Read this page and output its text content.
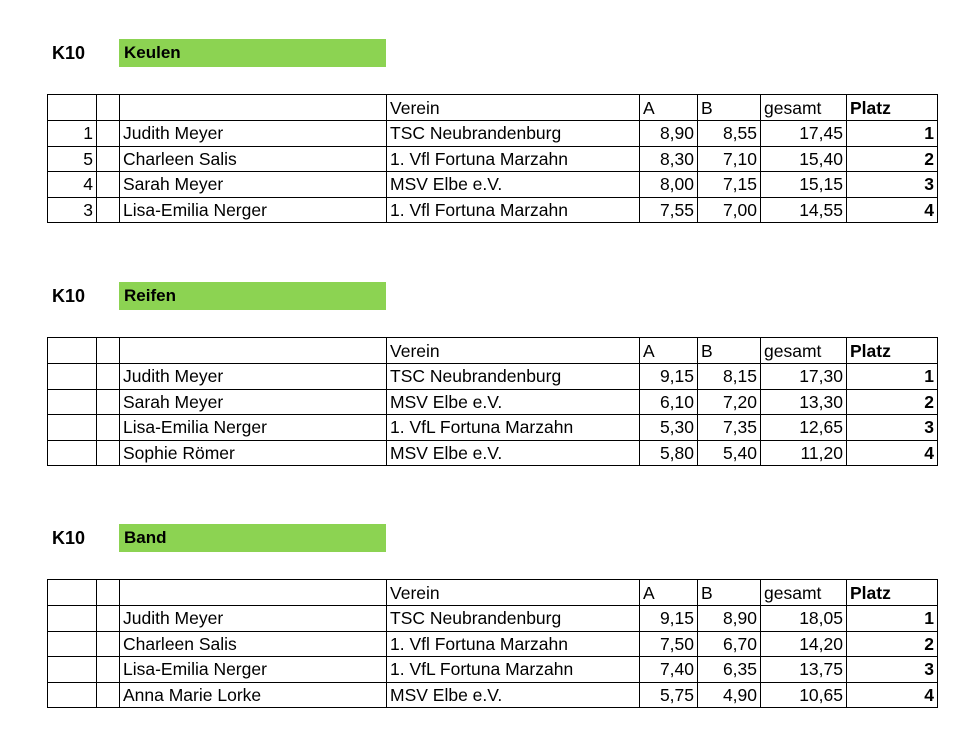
K10 Keulen
			Verein	A	B	gesamt	Platz
1		Judith Meyer	TSC Neubrandenburg	8,90	8,55	17,45	1
5		Charleen Salis	1. Vfl Fortuna Marzahn	8,30	7,10	15,40	2
4		Sarah Meyer	MSV Elbe e.V.	8,00	7,15	15,15	3
3		Lisa-Emilia Nerger	1. Vfl Fortuna Marzahn	7,55	7,00	14,55	4
K10 Reifen
			Verein	A	B	gesamt	Platz
		Judith Meyer	TSC Neubrandenburg	9,15	8,15	17,30	1
		Sarah Meyer	MSV Elbe e.V.	6,10	7,20	13,30	2
		Lisa-Emilia Nerger	1. VfL Fortuna Marzahn	5,30	7,35	12,65	3
		Sophie Römer	MSV Elbe e.V.	5,80	5,40	11,20	4
K10 Band
			Verein	A	B	gesamt	Platz
		Judith Meyer	TSC Neubrandenburg	9,15	8,90	18,05	1
		Charleen Salis	1. Vfl Fortuna Marzahn	7,50	6,70	14,20	2
		Lisa-Emilia Nerger	1. VfL Fortuna Marzahn	7,40	6,35	13,75	3
		Anna Marie Lorke	MSV Elbe e.V.	5,75	4,90	10,65	4
